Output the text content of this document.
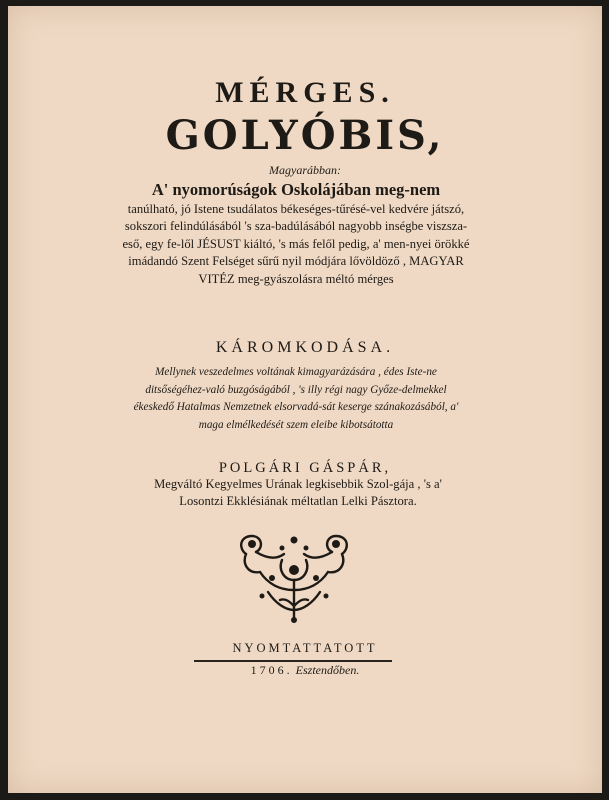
MÉRGES.
GOLYÓBIS,

Magyarábban:

A' nyomorúságok Oskolájában meg-nem
tanúlható, jó Istene tsudálatos békeséges-tűrésé-vel kedvére játszó, sokszori felindúlásából 's sza-badúlásából nagyobb inségbe viszsza-eső, egy fe-lől JÉSUST kiáltó, 's más felől pedig, a' men-nyei örökké imádandó Szent Felséget sűrű nyil módjára lővöldöző , MAGYAR VITÉZ meg-gyászolásra méltó mérges

KÁROMKODÁSA.

Mellynek veszedelmes voltának kimagyarázására , édes Iste-ne ditsőségéhez-való buzgóságából , 's illy régi nagy Győze-delmekkel ékeskedő Hatalmas Nemzetnek elsorvadá-sát keserge szánakozásából, a' maga elmélkedését szem eleibe kibotsátotta

POLGÁRI GÁSPÁR,

Megváltó Kegyelmes Urának legkisebbik Szol-gája , 's a' Losontzi Ekklésiának méltatlan Lelki Pásztora.

NYOMTATTATOTT

1706. Esztendőben.
